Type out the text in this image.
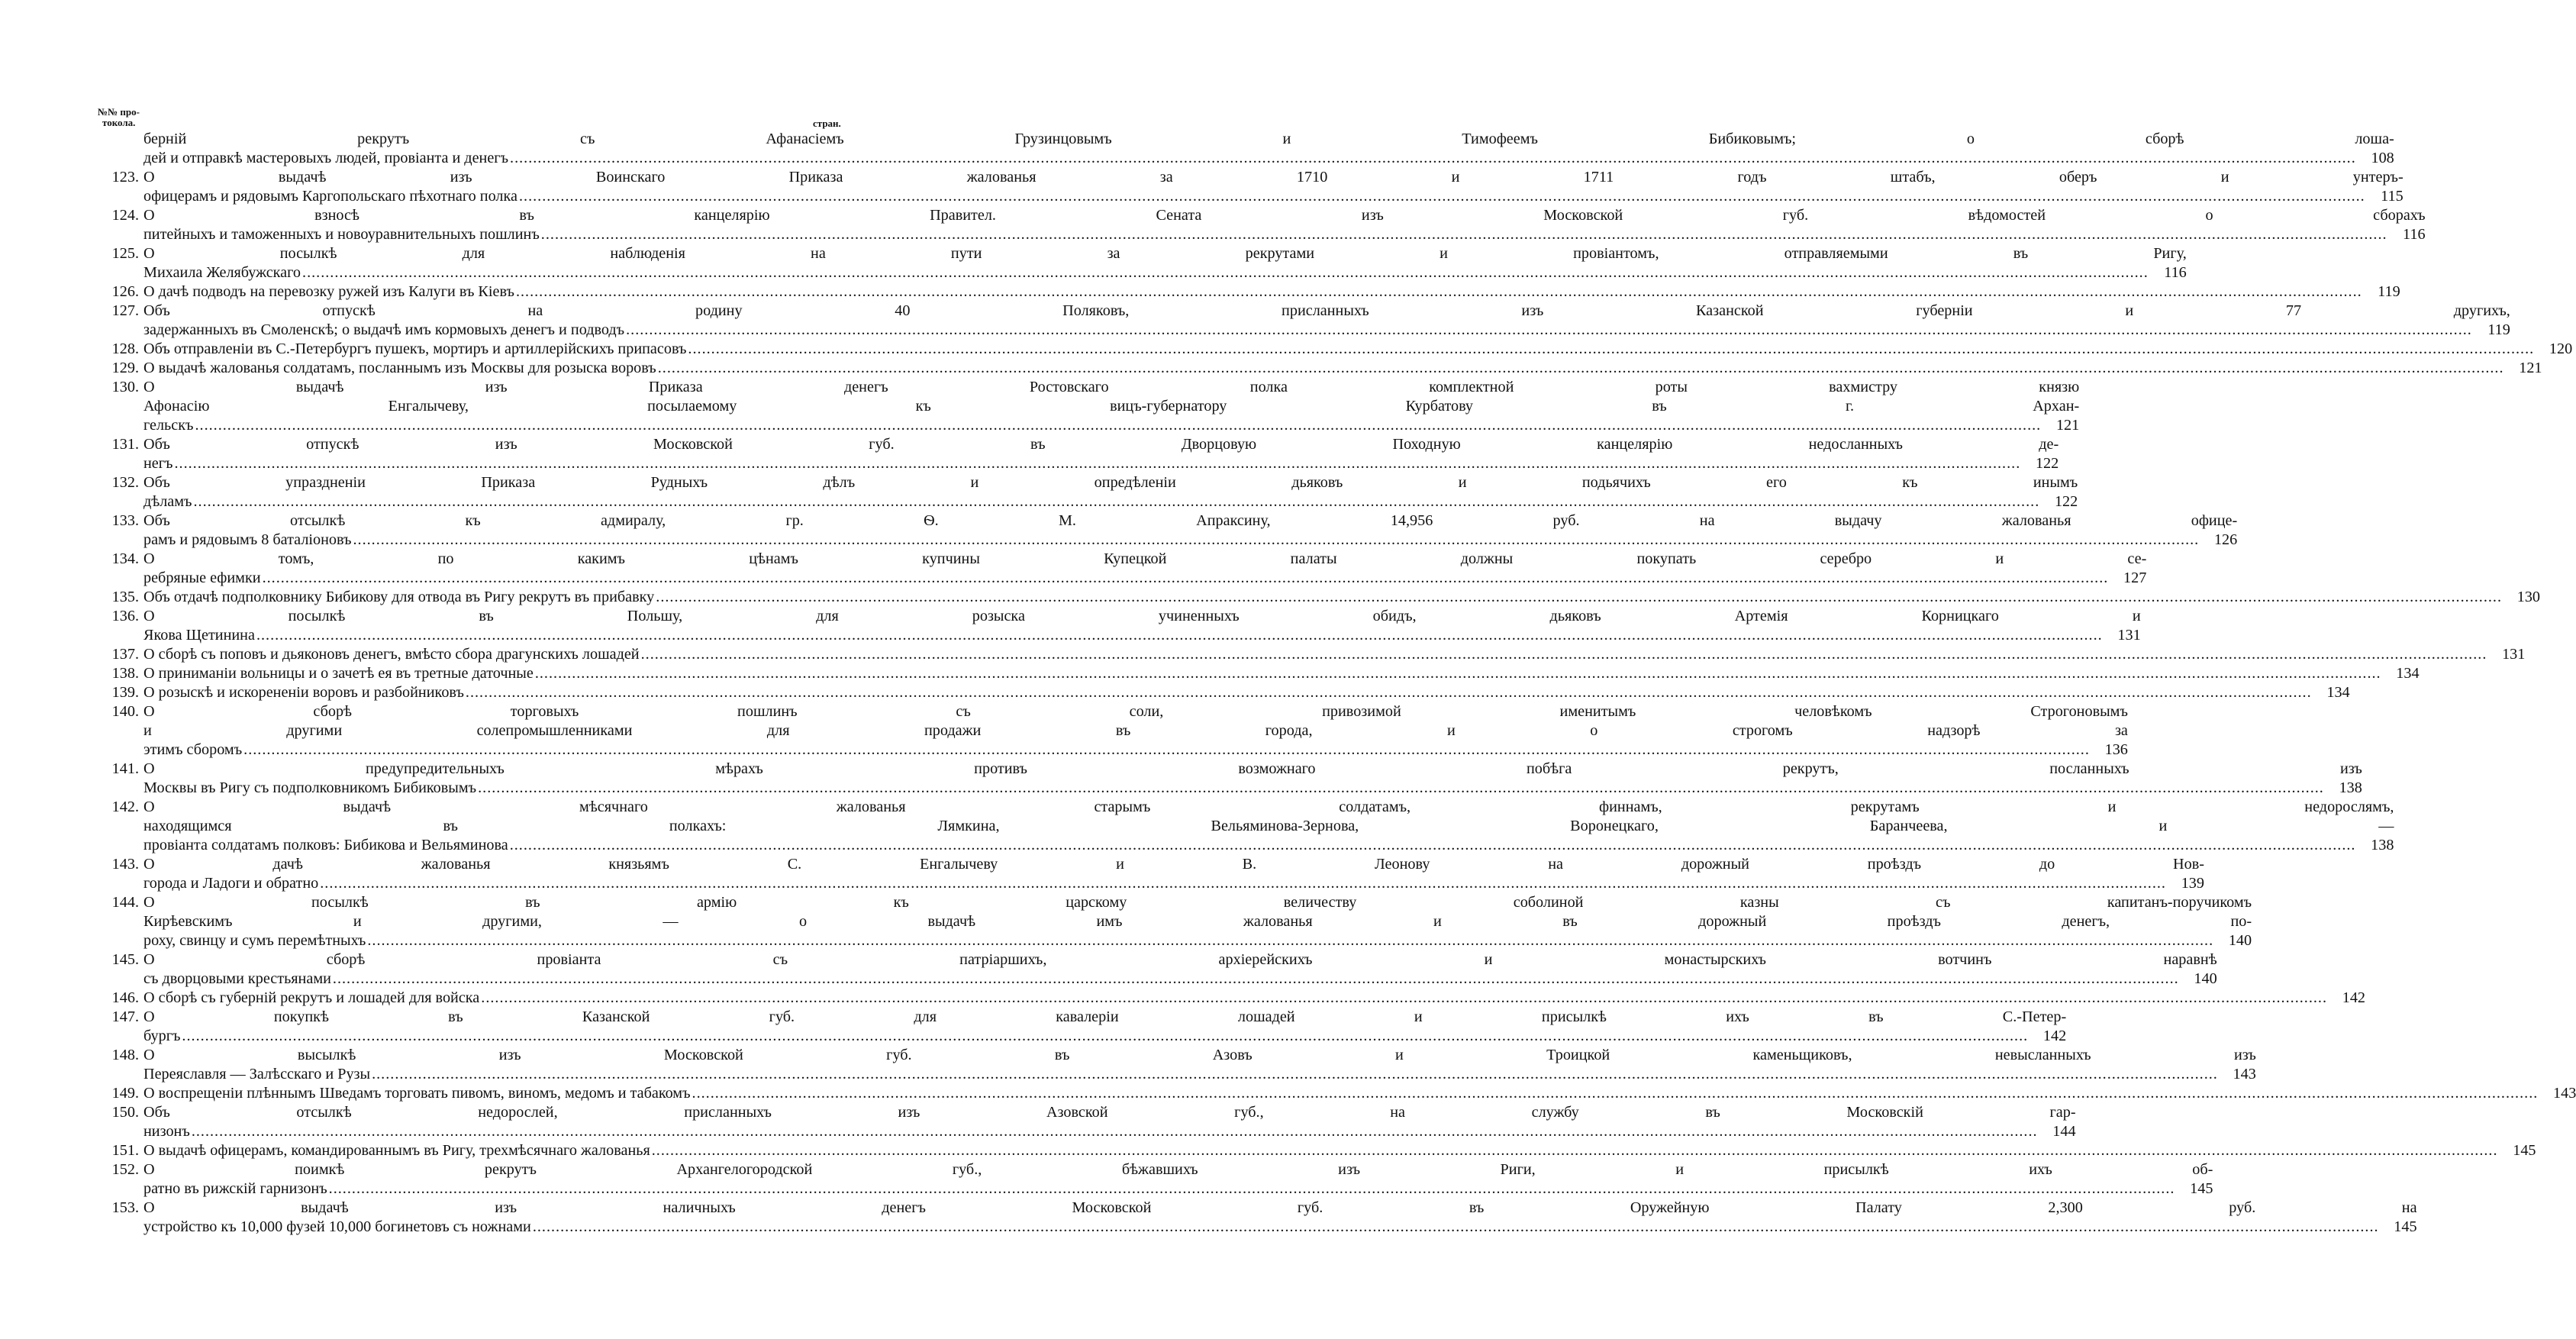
№№ про-
токола.	стран.
берній рекрутъ съ Афанасіемъ Грузинцовымъ и Тимофеемъ Бибиковымъ; о сборѣ лоша-
дей и отправкѣ мастеровыхъ людей, провіанта и денегъ .....	108
123. О выдачѣ изъ Воинскаго Приказа жалованья за 1710 и 1711 годъ штабъ, оберъ и унтеръ-
офицерамъ и рядовымъ Каргопольскаго пѣхотнаго полка .....	115
124. О взносѣ въ канцелярію Правител. Сената изъ Московской губ. вѣдомостей о сборахъ
питейныхъ и таможенныхъ и новоуравнительныхъ пошлинъ .....	116
125. О посылкѣ для наблюденія на пути за рекрутами и провіантомъ, отправляемыми въ Ригу,
Михаила Желябужскаго .....	116
126. О дачѣ подводъ на перевозку ружей изъ Калуги въ Кіевъ .....	119
127. Объ отпускѣ на родину 40 Поляковъ, присланныхъ изъ Казанской губерніи и 77 другихъ,
задержанныхъ въ Смоленскѣ; о выдачѣ имъ кормовыхъ денегъ и подводъ .....	119
128. Объ отправленіи въ С.-Петербургъ пушекъ, мортиръ и артиллерійскихъ припасовъ .....	120
129. О выдачѣ жалованья солдатамъ, посланнымъ изъ Москвы для розыска воровъ .....	121
130. О выдачѣ изъ Приказа денегъ Ростовскаго полка комплектной роты вахмистру князю
Афонасію Енгалычеву, посылаемому къ вицъ-губернатору Курбатову въ г. Архан-
гельскъ .....	121
131. Объ отпускѣ изъ Московской губ. въ Дворцовую Походную канцелярію недосланныхъ де-
негъ .....	122
132. Объ упраздненіи Приказа Рудныхъ дѣлъ и опредѣленіи дьяковъ и подьячихъ его къ инымъ
дѣламъ .....	122
133. Объ отсылкѣ къ адмиралу, гр. Ѳ. М. Апраксину, 14,956 руб. на выдачу жалованья офице-
рамъ и рядовымъ 8 баталіоновъ .....	126
134. О томъ, по какимъ цѣнамъ купчины Купецкой палаты должны покупать серебро и се-
ребряные ефимки .....	127
135. Объ отдачѣ подполковнику Бибикову для отвода въ Ригу рекрутъ въ прибавку .....	130
136. О посылкѣ въ Польшу, для розыска учиненныхъ обидъ, дьяковъ Артемія Корницкаго и
Якова Щетинина .....	131
137. О сборѣ съ поповъ и дьяконовъ денегъ, вмѣсто сбора драгунскихъ лошадей .....	131
138. О приниманіи вольницы и о зачетѣ ея въ третные даточные .....	134
139. О розыскѣ и искорененіи воровъ и разбойниковъ .....	134
140. О сборѣ торговыхъ пошлинъ съ соли, привозимой именитымъ человѣкомъ Строгоновымъ
и другими солепромышленниками для продажи въ города, и о строгомъ надзорѣ за
этимъ сборомъ .....	136
141. О предупредительныхъ мѣрахъ противъ возможнаго побѣга рекрутъ, посланныхъ изъ
Москвы въ Ригу съ подполковникомъ Бибиковымъ .....	138
142. О выдачѣ мѣсячнаго жалованья старымъ солдатамъ, финнамъ, рекрутамъ и недорослямъ,
находящимся въ полкахъ: Лямкина, Вельяминова-Зернова, Воронецкаго, Баранчеева, и —
провіанта солдатамъ полковъ: Бибикова и Вельяминова .....	138
143. О дачѣ жалованья князьямъ С. Енгалычеву и В. Леонову на дорожный проѣздъ до Нов-
города и Ладоги и обратно .....	139
144. О посылкѣ въ армію къ царскому величеству соболиной казны съ капитанъ-поручикомъ
Кирѣевскимъ и другими, — о выдачѣ имъ жалованья и въ дорожный проѣздъ денегъ, по-
роху, свинцу и сумъ перемѣтныхъ .....	140
145. О сборѣ провіанта съ патріаршихъ, архіерейскихъ и монастырскихъ вотчинъ наравнѣ
съ дворцовыми крестьянами .....	140
146. О сборѣ съ губерній рекрутъ и лошадей для войска .....	142
147. О покупкѣ въ Казанской губ. для кавалеріи лошадей и присылкѣ ихъ въ С.-Петер-
бургъ .....	142
148. О высылкѣ изъ Московской губ. въ Азовъ и Троицкой каменьщиковъ, невысланныхъ изъ
Переяславля — Залѣсскаго и Рузы .....	143
149. О воспрещеніи плѣннымъ Шведамъ торговать пивомъ, виномъ, медомъ и табакомъ .....	143
150. Объ отсылкѣ недорослей, присланныхъ изъ Азовской губ., на службу въ Московскій гар-
низонъ .....	144
151. О выдачѣ офицерамъ, командированнымъ въ Ригу, трехмѣсячнаго жалованья .....	145
152. О поимкѣ рекрутъ Архангелогородской губ., бѣжавшихъ изъ Риги, и присылкѣ ихъ об-
ратно въ рижскій гарнизонъ .....	145
153. О выдачѣ изъ наличныхъ денегъ Московской губ. въ Оружейную Палату 2,300 руб. на
устройство къ 10,000 фузей 10,000 богинетовъ съ ножнами .....	145
